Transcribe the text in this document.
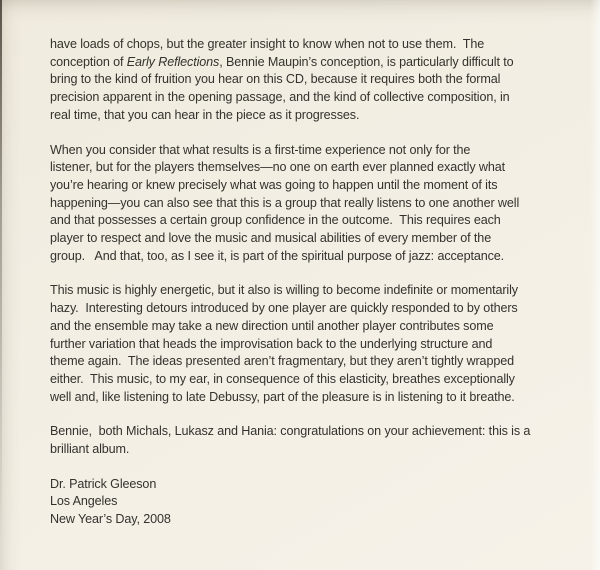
have loads of chops, but the greater insight to know when not to use them.  The
conception of Early Reflections, Bennie Maupin’s conception, is particularly difficult to
bring to the kind of fruition you hear on this CD, because it requires both the formal
precision apparent in the opening passage, and the kind of collective composition, in
real time, that you can hear in the piece as it progresses.

When you consider that what results is a first-time experience not only for the
listener, but for the players themselves—no one on earth ever planned exactly what
you’re hearing or knew precisely what was going to happen until the moment of its
happening—you can also see that this is a group that really listens to one another well
and that possesses a certain group confidence in the outcome.  This requires each
player to respect and love the music and musical abilities of every member of the
group.   And that, too, as I see it, is part of the spiritual purpose of jazz: acceptance.

This music is highly energetic, but it also is willing to become indefinite or momentarily
hazy.  Interesting detours introduced by one player are quickly responded to by others
and the ensemble may take a new direction until another player contributes some
further variation that heads the improvisation back to the underlying structure and
theme again.  The ideas presented aren’t fragmentary, but they aren’t tightly wrapped
either.  This music, to my ear, in consequence of this elasticity, breathes exceptionally
well and, like listening to late Debussy, part of the pleasure is in listening to it breathe.

Bennie,  both Michals, Lukasz and Hania: congratulations on your achievement: this is a
brilliant album.

Dr. Patrick Gleeson
Los Angeles
New Year’s Day, 2008
